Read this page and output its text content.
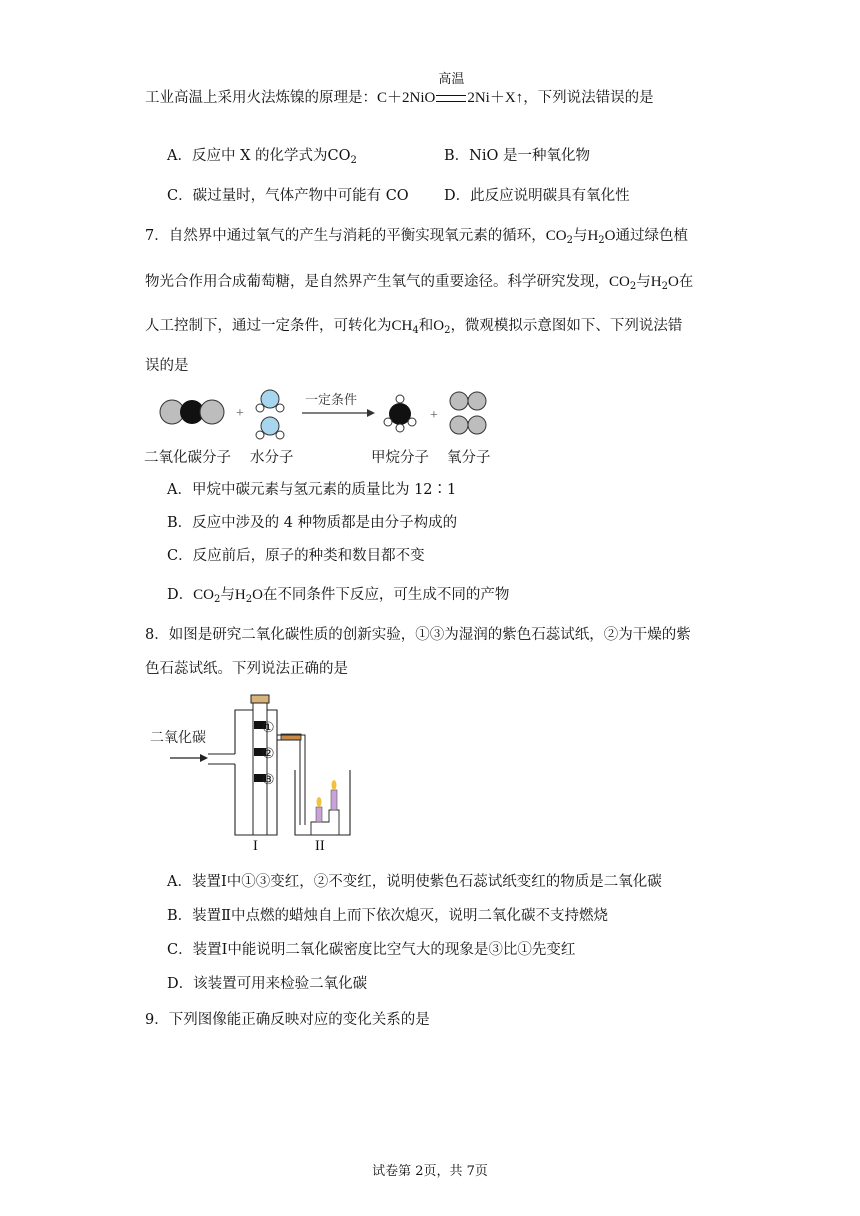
工业高温上采用火法炼镍的原理是：C＋2NiO
高温
2Ni＋X↑，下列说法错误的是
A．反应中 X 的化学式为$CO_2$	B．NiO 是一种氧化物
C．碳过量时，气体产物中可能有 CO D．此反应说明碳具有氧化性
7．自然界中通过氧气的产生与消耗的平衡实现氧元素的循环，$CO_2$与$H_2O$通过绿色植
物光合作用合成葡萄糖，是自然界产生氧气的重要途径。科学研究发现，$CO_2$与$H_2O$在
人工控制下，通过一定条件，可转化为$CH_4$和$O_2$，微观模拟示意图如下、下列说法错
误的是
+
一定条件
+
二氧化碳分子 水分子	甲烷分子 氧分子
A．甲烷中碳元素与氢元素的质量比为 12∶1
B．反应中涉及的 4 种物质都是由分子构成的
C．反应前后，原子的种类和数目都不变
D．$CO_2$与$H_2O$在不同条件下反应，可生成不同的产物
8．如图是研究二氧化碳性质的创新实验，①③为湿润的紫色石蕊试纸，②为干燥的紫
色石蕊试纸。下列说法正确的是
二氧化碳
①
②
③
I	II
A．装置Ⅰ中①③变红，②不变红，说明使紫色石蕊试纸变红的物质是二氧化碳
B．装置Ⅱ中点燃的蜡烛自上而下依次熄灭，说明二氧化碳不支持燃烧
C．装置Ⅰ中能说明二氧化碳密度比空气大的现象是③比①先变红
D．该装置可用来检验二氧化碳
9．下列图像能正确反映对应的变化关系的是
试卷第 2页，共 7页
